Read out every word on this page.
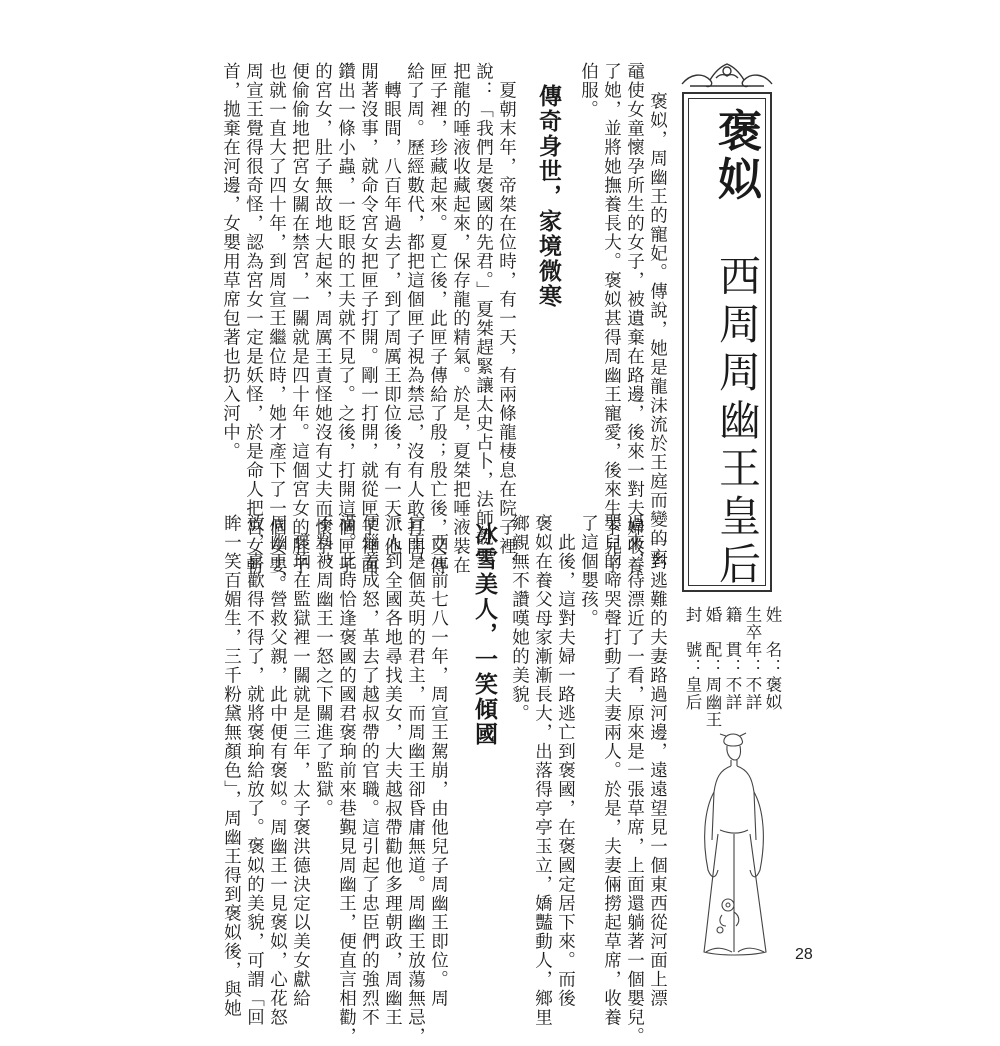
褒姒
西周周幽王皇后
褒姒，周幽王的寵妃。傳說，她是龍沫流於王庭而變的玄
黿使女童懷孕所生的女子，被遺棄在路邊，後來一對夫婦收養
了她，並將她撫養長大。褒姒甚得周幽王寵愛，後來生下兒子
伯服。
傳奇身世，家境微寒
　夏朝末年，帝桀在位時，有一天，有兩條龍棲息在院子裡，
說：「我們是褒國的先君。」夏桀趕緊讓太史占卜，法師說要
把龍的唾液收藏起來，保存龍的精氣。於是，夏桀把唾液裝在
匣子裡，珍藏起來。夏亡後，此匣子傳給了殷；殷亡後，又傳
給了周。歷經數代，都把這個匣子視為禁忌，沒有人敢打開。
　轉眼間，八百年過去了，到了周厲王即位後，有一天，他
閒著沒事，就命令宮女把匣子打開。剛一打開，就從匣子裡面
鑽出一條小蟲，一眨眼的工夫就不見了。之後，打開這個匣子
的宮女，肚子無故地大起來，周厲王責怪她沒有丈夫而懷孕，
便偷偷地把宮女關在禁宮，一關就是四十年。這個宮女的肚子
也就一直大了四十年，到周宣王繼位時，她才產下了一個女嬰。
周宣王覺得很奇怪，認為宮女一定是妖怪，於是命人把宮女斬
首，拋棄在河邊，女嬰用草席包著也扔入河中。
　一對逃難的夫妻路過河邊，遠遠望見一個東西從河面上漂
過來，待漂近了一看，原來是一張草席，上面還躺著一個嬰兒。
嬰兒的啼哭聲打動了夫妻兩人。於是，夫妻倆撈起草席，收養
了這個嬰孩。
　此後，這對夫婦一路逃亡到褒國，在褒國定居下來。而後
褒姒在養父母家漸漸長大，出落得亭亭玉立，嬌豔動人，鄉里
鄉親無不讚嘆她的美貌。
冰雪美人，一笑傾國
　西元前七八一年，周宣王駕崩，由他兒子周幽王即位。周
宣王是個英明的君主，而周幽王卻昏庸無道。周幽王放蕩無忌，
派人到全國各地尋找美女，大夫越叔帶勸他多理朝政，周幽王
便惱羞成怒，革去了越叔帶的官職。這引起了忠臣們的強烈不
滿。此時恰逢褒國的國君褒珦前來巷覲見周幽王，便直言相勸，
不料被周幽王一怒之下關進了監獄。
　褒珦在監獄裡一關就是三年，太子褒洪德決定以美女獻給
周幽王，營救父親，此中便有褒姒。周幽王一見褒姒，心花怒
放，喜歡得不得了，就將褒珦給放了。褒姒的美貌，可謂「回
眸一笑百媚生，三千粉黛無顏色」，周幽王得到褒姒後，與她	姓　名：褒姒
生卒年：不詳
籍　貫：不詳
婚　配：周幽王
封　號：皇后
28
